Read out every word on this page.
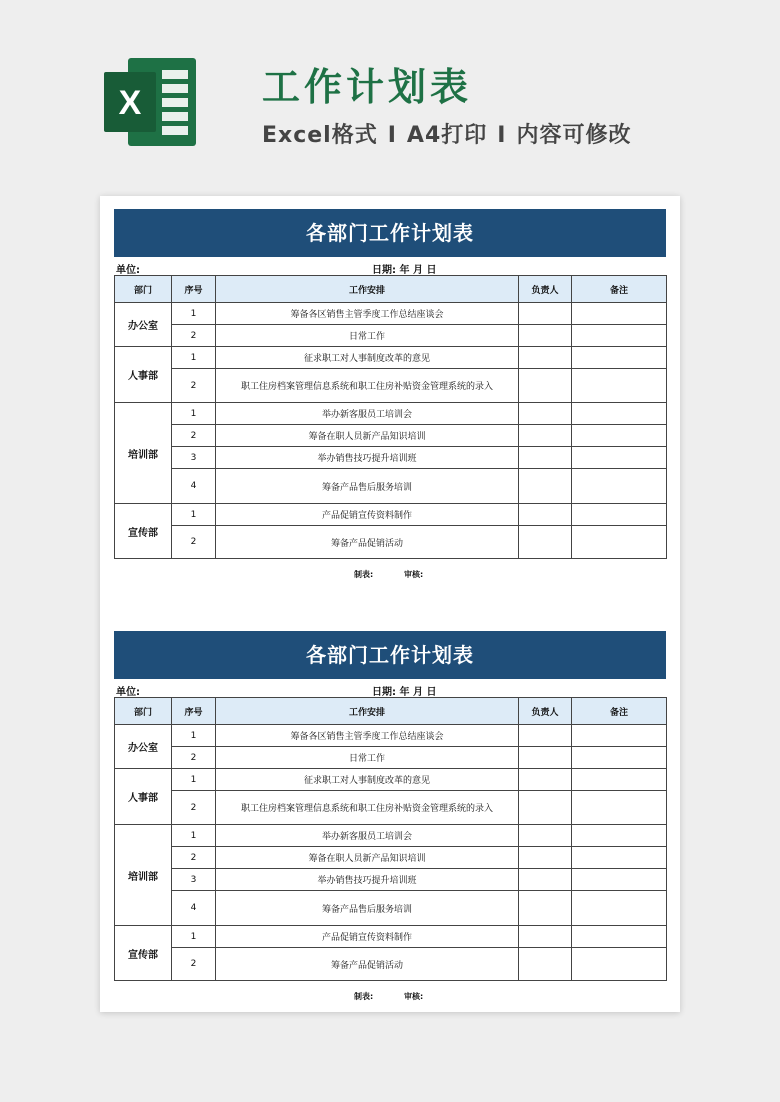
X	工作计划表
Excel格式 I A4打印 I 内容可修改
各部门工作计划表
单位:	日期: 年 月 日
部门	序号	工作安排	负责人	备注
办公室	1	筹备各区销售主管季度工作总结座谈会		
	2	日常工作		
人事部	1	征求职工对人事制度改革的意见		
	2	职工住房档案管理信息系统和职工住房补贴资金管理系统的录入		
培训部	1	举办新客服员工培训会		
	2	筹备在职人员新产品知识培训		
	3	举办销售技巧提升培训班		
	4	筹备产品售后服务培训		
宣传部	1	产品促销宣传资料制作		
	2	筹备产品促销活动		
制表:	审核:
各部门工作计划表
单位:	日期: 年 月 日
部门	序号	工作安排	负责人	备注
办公室	1	筹备各区销售主管季度工作总结座谈会		
	2	日常工作		
人事部	1	征求职工对人事制度改革的意见		
	2	职工住房档案管理信息系统和职工住房补贴资金管理系统的录入		
培训部	1	举办新客服员工培训会		
	2	筹备在职人员新产品知识培训		
	3	举办销售技巧提升培训班		
	4	筹备产品售后服务培训		
宣传部	1	产品促销宣传资料制作		
	2	筹备产品促销活动		
制表:	审核:
